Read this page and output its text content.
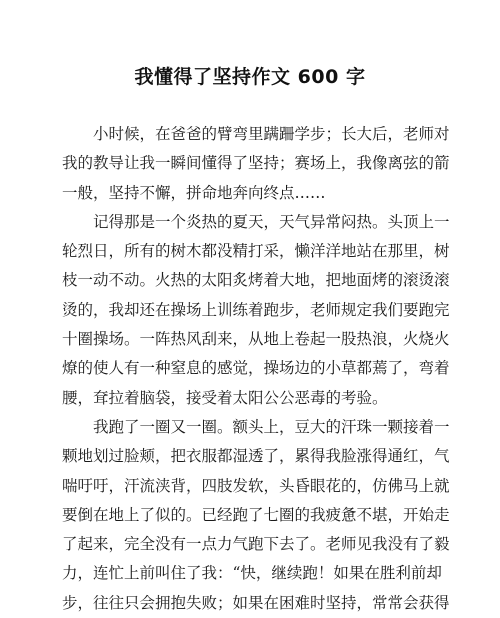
我懂得了坚持作文 600 字
小时候，在爸爸的臂弯里蹒跚学步；长大后，老师对
我的教导让我一瞬间懂得了坚持；赛场上，我像离弦的箭
一般，坚持不懈，拼命地奔向终点……
记得那是一个炎热的夏天，天气异常闷热。头顶上一
轮烈日，所有的树木都没精打采，懒洋洋地站在那里，树
枝一动不动。火热的太阳炙烤着大地，把地面烤的滚烫滚
烫的，我却还在操场上训练着跑步，老师规定我们要跑完
十圈操场。一阵热风刮来，从地上卷起一股热浪，火烧火
燎的使人有一种窒息的感觉，操场边的小草都蔫了，弯着
腰，耷拉着脑袋，接受着太阳公公恶毒的考验。
我跑了一圈又一圈。额头上，豆大的汗珠一颗接着一
颗地划过脸颊，把衣服都湿透了，累得我脸涨得通红，气
喘吁吁，汗流浃背，四肢发软，头昏眼花的，仿佛马上就
要倒在地上了似的。已经跑了七圈的我疲惫不堪，开始走
了起来，完全没有一点力气跑下去了。老师见我没有了毅
力，连忙上前叫住了我：“快，继续跑！如果在胜利前却
步，往往只会拥抱失败；如果在困难时坚持，常常会获得
